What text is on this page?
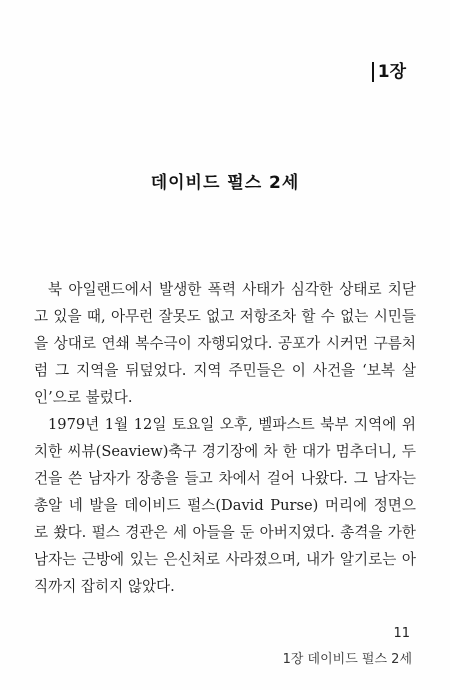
1장
데이비드 펄스 2세

북 아일랜드에서 발생한 폭력 사태가 심각한 상태로 치닫고 있을 때, 아무런 잘못도 없고 저항조차 할 수 없는 시민들을 상대로 연쇄 복수극이 자행되었다. 공포가 시커먼 구름처럼 그 지역을 뒤덮었다. 지역 주민들은 이 사건을 ‘보복 살인’으로 불렀다.

1979년 1월 12일 토요일 오후, 벨파스트 북부 지역에 위치한 씨뷰(Seaview)축구 경기장에 차 한 대가 멈추더니, 두건을 쓴 남자가 장총을 들고 차에서 걸어 나왔다. 그 남자는 총알 네 발을 데이비드 펄스(David Purse) 머리에 정면으로 쐈다. 펄스 경관은 세 아들을 둔 아버지였다. 총격을 가한 남자는 근방에 있는 은신처로 사라졌으며, 내가 알기로는 아직까지 잡히지 않았다.

11
1장 데이비드 펄스 2세
